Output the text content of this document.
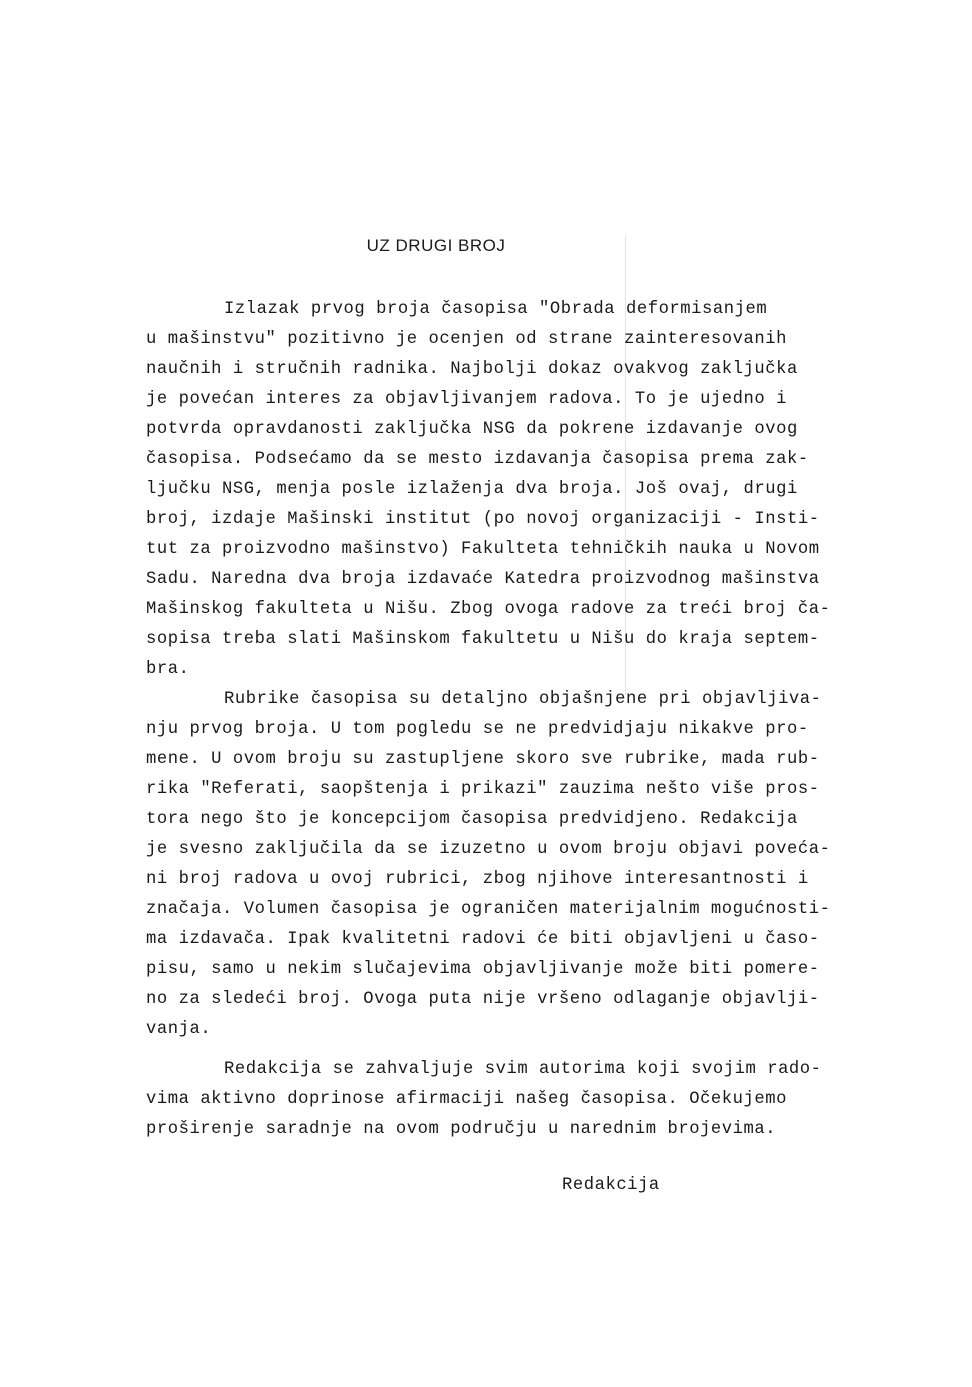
UZ DRUGI BROJ
Izlazak prvog broja časopisa "Obrada deformisanjem
u mašinstvu" pozitivno je ocenjen od strane zainteresovanih
naučnih i stručnih radnika. Najbolji dokaz ovakvog zaključka
je povećan interes za objavljivanjem radova. To je ujedno i
potvrda opravdanosti zaključka NSG da pokrene izdavanje ovog
časopisa. Podsećamo da se mesto izdavanja časopisa prema zak-
ljučku NSG, menja posle izlaženja dva broja. Još ovaj, drugi
broj, izdaje Mašinski institut (po novoj organizaciji - Insti-
tut za proizvodno mašinstvo) Fakulteta tehničkih nauka u Novom
Sadu. Naredna dva broja izdavaće Katedra proizvodnog mašinstva
Mašinskog fakulteta u Nišu. Zbog ovoga radove za treći broj ča-
sopisa treba slati Mašinskom fakultetu u Nišu do kraja septem-
bra.
Rubrike časopisa su detaljno objašnjene pri objavljiva-
nju prvog broja. U tom pogledu se ne predvidjaju nikakve pro-
mene. U ovom broju su zastupljene skoro sve rubrike, mada rub-
rika "Referati, saopštenja i prikazi" zauzima nešto više pros-
tora nego što je koncepcijom časopisa predvidjeno. Redakcija
je svesno zaključila da se izuzetno u ovom broju objavi poveća-
ni broj radova u ovoj rubrici, zbog njihove interesantnosti i
značaja. Volumen časopisa je ograničen materijalnim mogućnosti-
ma izdavača. Ipak kvalitetni radovi će biti objavljeni u časo-
pisu, samo u nekim slučajevima objavljivanje može biti pomere-
no za sledeći broj. Ovoga puta nije vršeno odlaganje objavlji-
vanja.
Redakcija se zahvaljuje svim autorima koji svojim rado-
vima aktivno doprinose afirmaciji našeg časopisa. Očekujemo
proširenje saradnje na ovom području u narednim brojevima.
Redakcija
